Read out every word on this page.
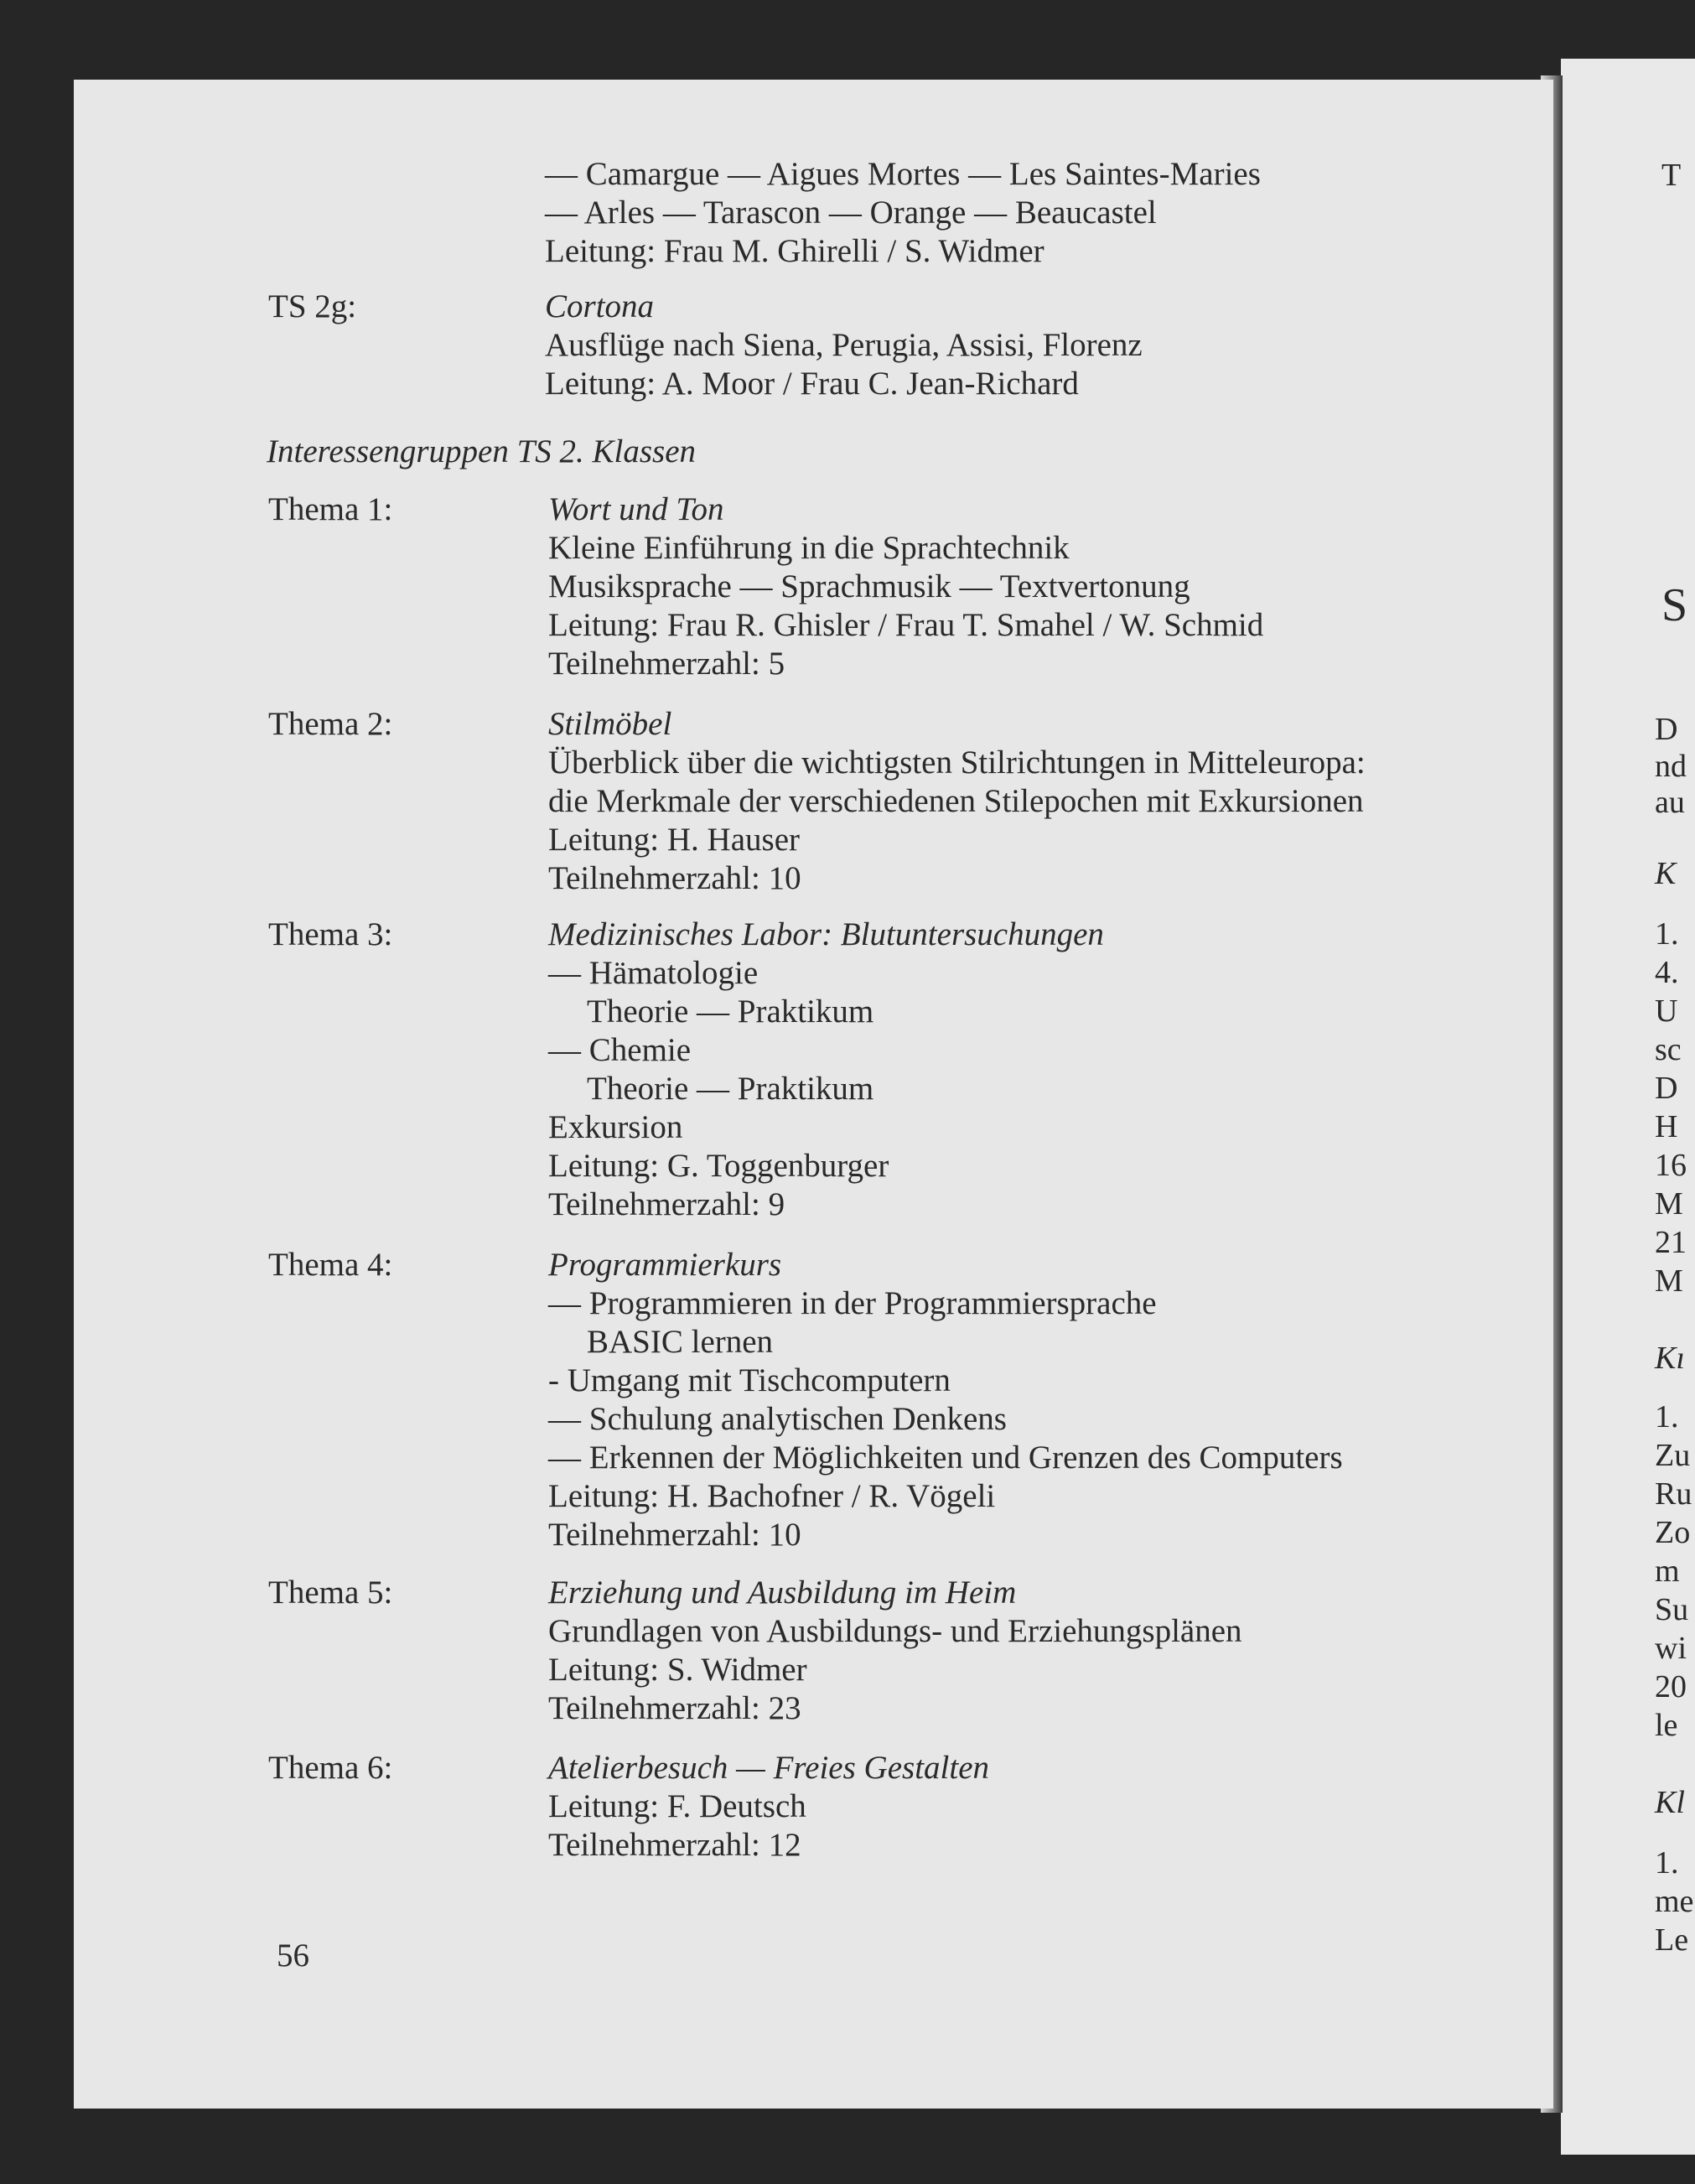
T
S
D
nd
au
K
1.
4.
U
sc
D
H
16
M
21
M
Kı
1.
Zu
Ru
Zo
m
Su
wi
20
le
Kl
1.
me
Le
— Camargue — Aigues Mortes — Les Saintes-Maries
— Arles — Tarascon — Orange — Beaucastel
Leitung: Frau M. Ghirelli / S. Widmer
TS 2g:	Cortona
Ausflüge nach Siena, Perugia, Assisi, Florenz
Leitung: A. Moor / Frau C. Jean-Richard
Interessengruppen TS 2. Klassen
Thema 1:	Wort und Ton
Kleine Einführung in die Sprachtechnik
Musiksprache — Sprachmusik — Textvertonung
Leitung: Frau R. Ghisler / Frau T. Smahel / W. Schmid
Teilnehmerzahl: 5
Thema 2:	Stilmöbel
Überblick über die wichtigsten Stilrichtungen in Mitteleuropa:
die Merkmale der verschiedenen Stilepochen mit Exkursionen
Leitung: H. Hauser
Teilnehmerzahl: 10
Thema 3:	Medizinisches Labor: Blutuntersuchungen
— Hämatologie
Theorie — Praktikum
— Chemie
Theorie — Praktikum
Exkursion
Leitung: G. Toggenburger
Teilnehmerzahl: 9
Thema 4:	Programmierkurs
— Programmieren in der Programmiersprache
BASIC lernen
- Umgang mit Tischcomputern
— Schulung analytischen Denkens
— Erkennen der Möglichkeiten und Grenzen des Computers
Leitung: H. Bachofner / R. Vögeli
Teilnehmerzahl: 10
Thema 5:	Erziehung und Ausbildung im Heim
Grundlagen von Ausbildungs- und Erziehungsplänen
Leitung: S. Widmer
Teilnehmerzahl: 23
Thema 6:	Atelierbesuch — Freies Gestalten
Leitung: F. Deutsch
Teilnehmerzahl: 12
56
